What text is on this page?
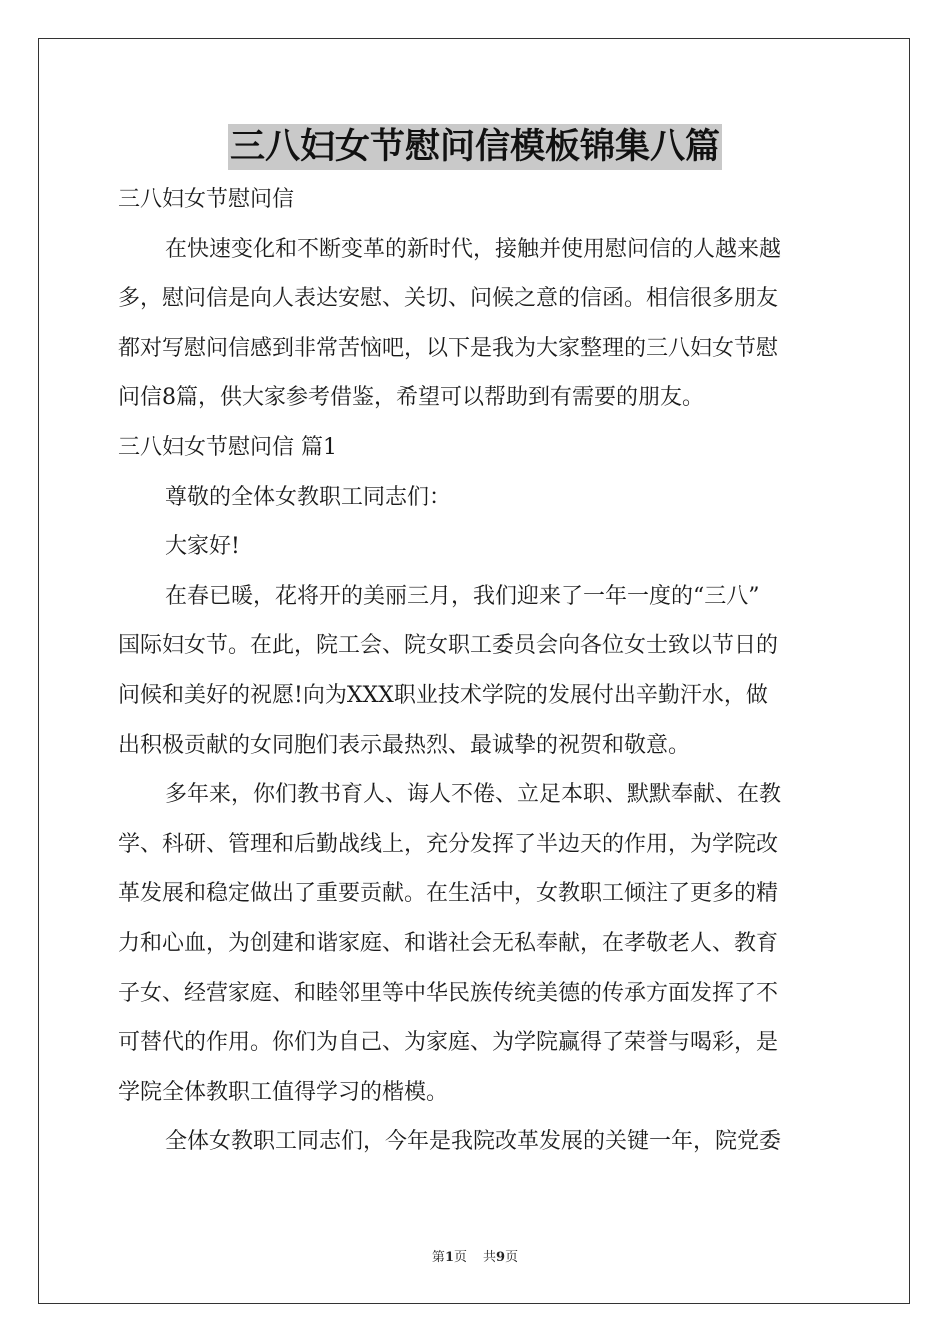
三八妇女节慰问信模板锦集八篇

三八妇女节慰问信

在快速变化和不断变革的新时代，接触并使用慰问信的人越来越

多，慰问信是向人表达安慰、关切、问候之意的信函。相信很多朋友

都对写慰问信感到非常苦恼吧，以下是我为大家整理的三八妇女节慰

问信8篇，供大家参考借鉴，希望可以帮助到有需要的朋友。

三八妇女节慰问信 篇1

尊敬的全体女教职工同志们：

大家好!

在春已暖，花将开的美丽三月，我们迎来了一年一度的“三八”

国际妇女节。在此，院工会、院女职工委员会向各位女士致以节日的

问候和美好的祝愿!向为XXX职业技术学院的发展付出辛勤汗水，做

出积极贡献的女同胞们表示最热烈、最诚挚的祝贺和敬意。

多年来，你们教书育人、诲人不倦、立足本职、默默奉献、在教

学、科研、管理和后勤战线上，充分发挥了半边天的作用，为学院改

革发展和稳定做出了重要贡献。在生活中，女教职工倾注了更多的精

力和心血，为创建和谐家庭、和谐社会无私奉献，在孝敬老人、教育

子女、经营家庭、和睦邻里等中华民族传统美德的传承方面发挥了不

可替代的作用。你们为自己、为家庭、为学院赢得了荣誉与喝彩，是

学院全体教职工值得学习的楷模。

全体女教职工同志们，今年是我院改革发展的关键一年，院党委

第1页 共9页
